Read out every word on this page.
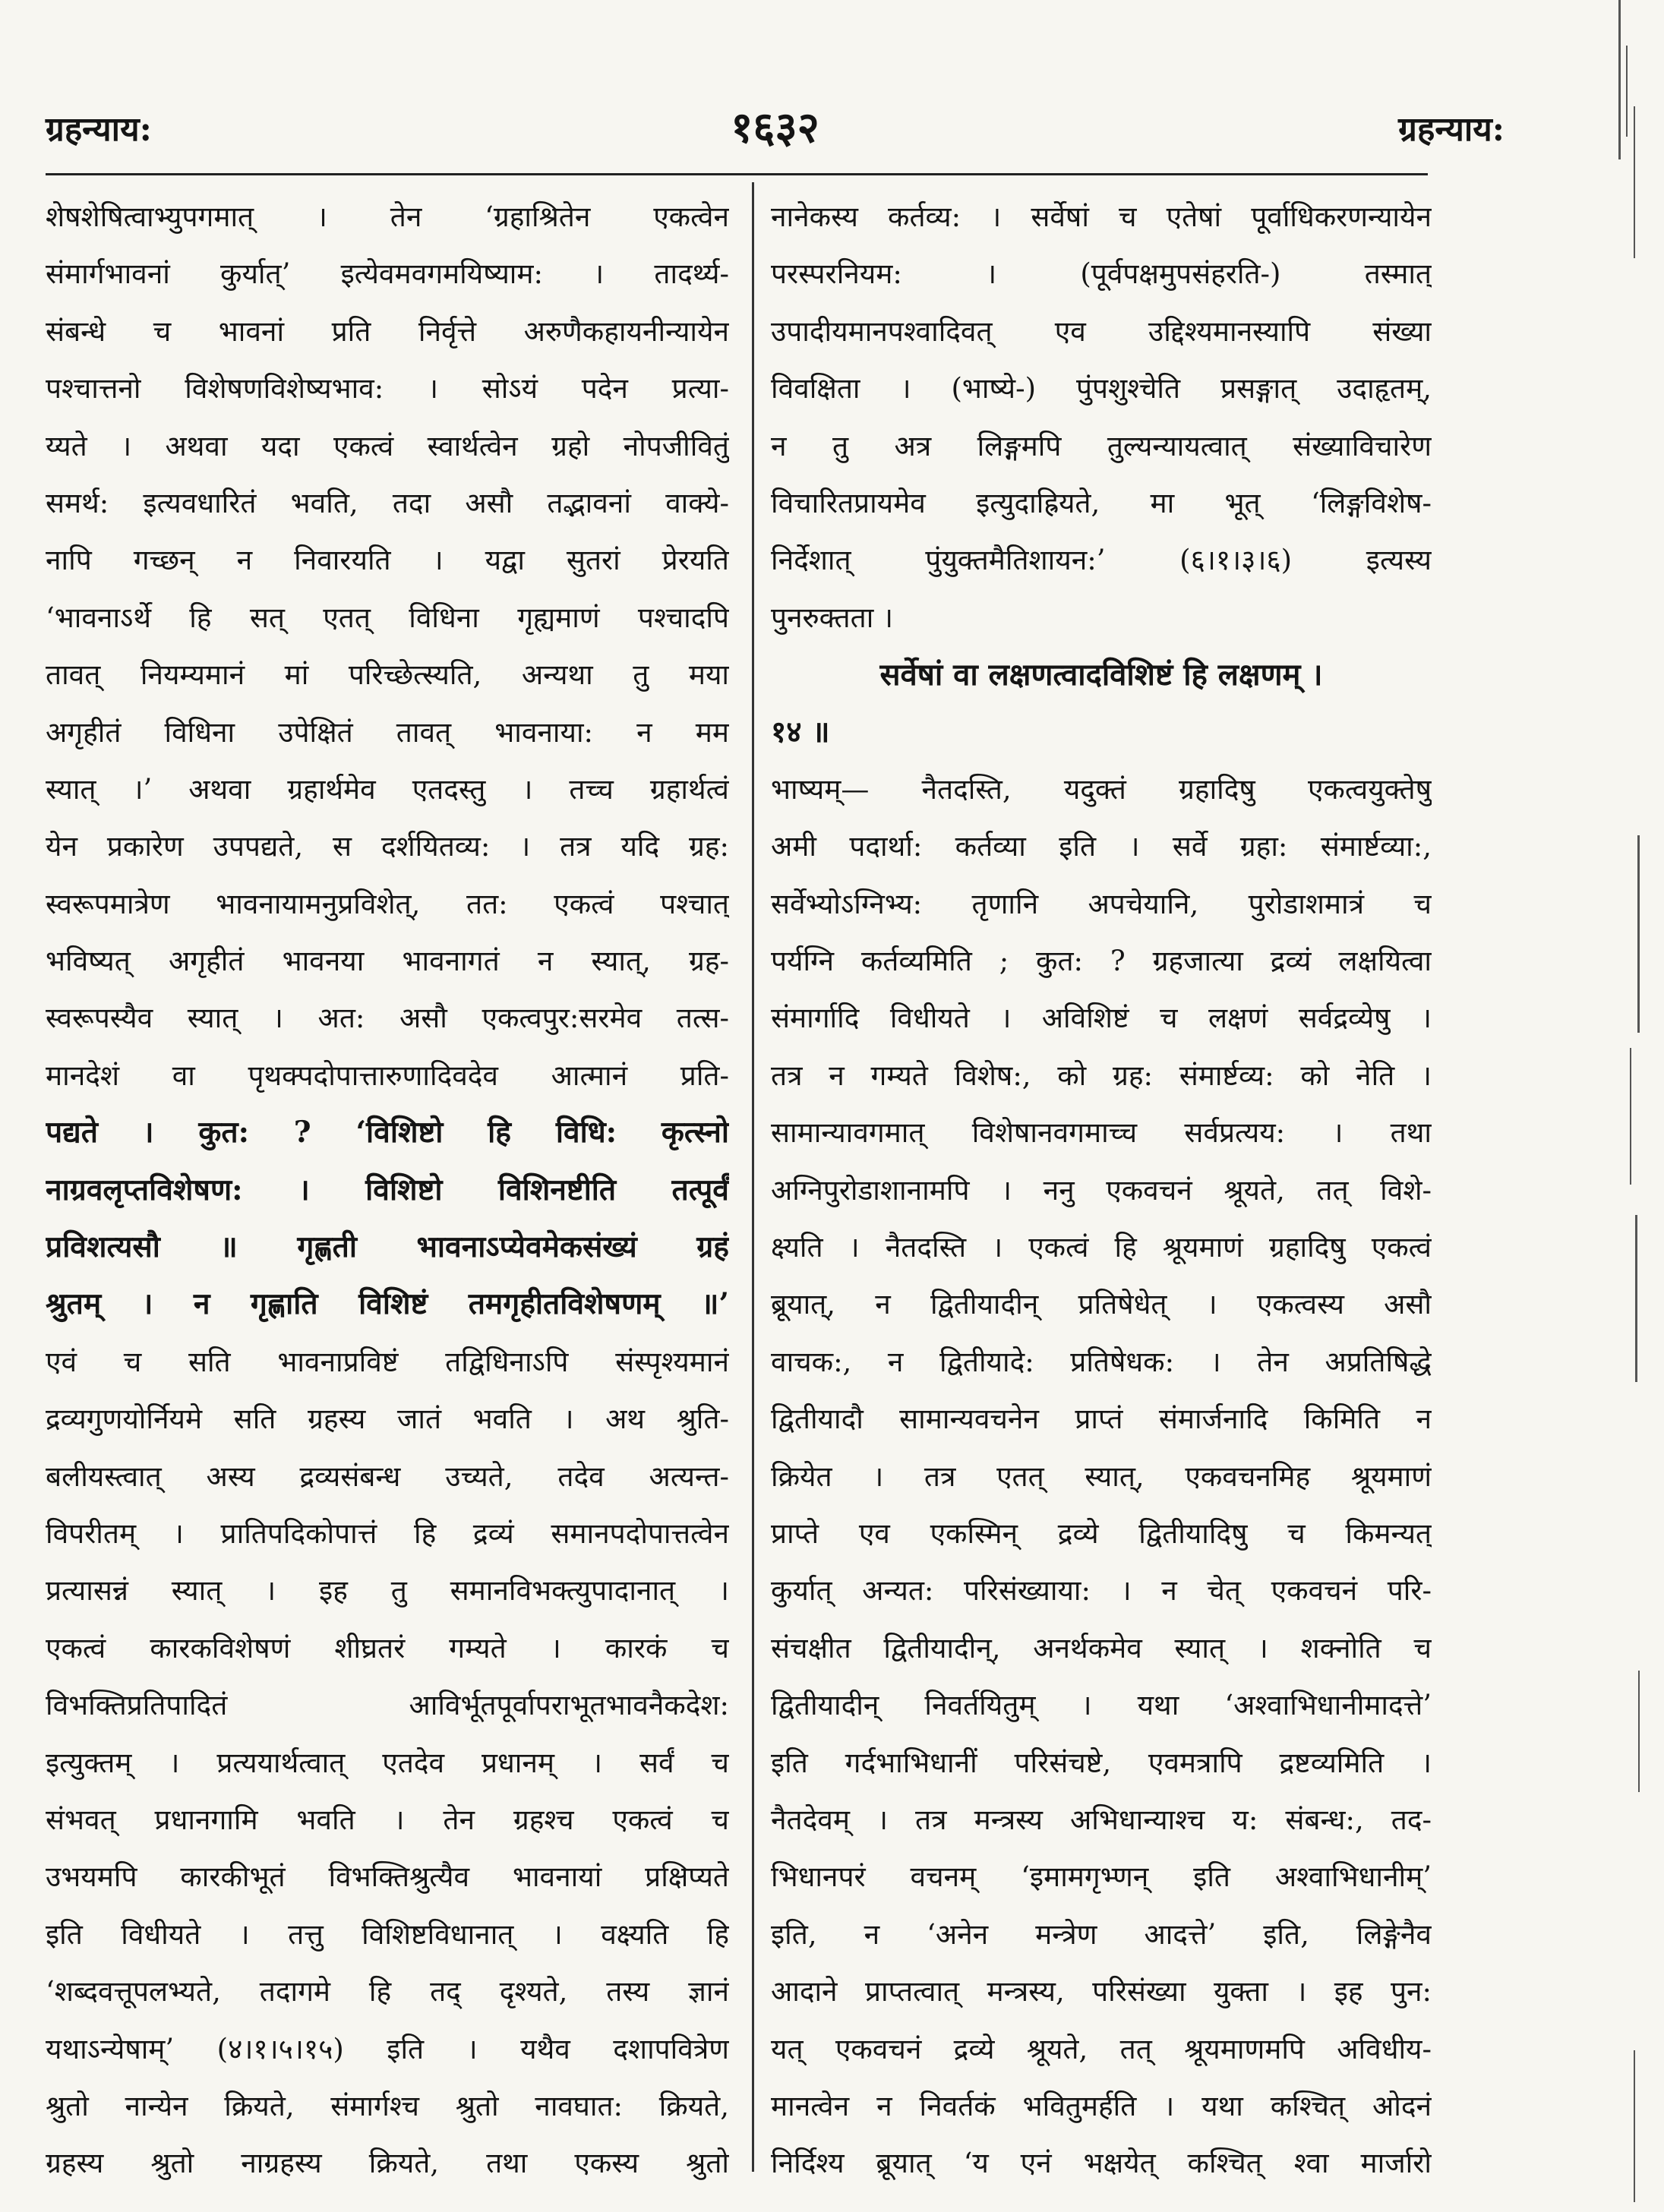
ग्रहन्याय:	१६३२	ग्रहन्याय:
शेषशेषित्वाभ्युपगमात् । तेन ‘ग्रहाश्रितेन एकत्वेन
संमार्गभावनां कुर्यात्’ इत्येवमवगमयिष्याम: । तादर्थ्य-
संबन्धे च भावनां प्रति निर्वृत्ते अरुणैकहायनीन्यायेन
पश्चात्तनो विशेषणविशेष्यभाव: । सोऽयं पदेन प्रत्या-
य्यते । अथवा यदा एकत्वं स्वार्थत्वेन ग्रहो नोपजीवितुं
समर्थ: इत्यवधारितं भवति, तदा असौ तद्भावनां वाक्ये-
नापि गच्छन् न निवारयति । यद्वा सुतरां प्रेरयति
‘भावनाऽर्थे हि सत् एतत् विधिना गृह्यमाणं पश्चादपि
तावत् नियम्यमानं मां परिच्छेत्स्यति, अन्यथा तु मया
अगृहीतं विधिना उपेक्षितं तावत् भावनाया: न मम
स्यात् ।’ अथवा ग्रहार्थमेव एतदस्तु । तच्च ग्रहार्थत्वं
येन प्रकारेण उपपद्यते, स दर्शयितव्य: । तत्र यदि ग्रह:
स्वरूपमात्रेण भावनायामनुप्रविशेत्, तत: एकत्वं पश्चात्
भविष्यत् अगृहीतं भावनया भावनागतं न स्यात्, ग्रह-
स्वरूपस्यैव स्यात् । अत: असौ एकत्वपुर:सरमेव तत्स-
मानदेशं वा पृथक्पदोपात्तारुणादिवदेव आत्मानं प्रति-
पद्यते । कुत: ? ‘विशिष्टो हि विधि: कृत्स्नो
नाग्रवलृप्तविशेषण: । विशिष्टो विशिनष्टीति तत्पूर्वं
प्रविशत्यसौ ॥ गृह्णती भावनाऽप्येवमेकसंख्यं ग्रहं
श्रुतम् । न गृह्णाति विशिष्टं तमगृहीतविशेषणम् ॥’
एवं च सति भावनाप्रविष्टं तद्विधिनाऽपि संस्पृश्यमानं
द्रव्यगुणयोर्नियमे सति ग्रहस्य जातं भवति । अथ श्रुति-
बलीयस्त्वात् अस्य द्रव्यसंबन्ध उच्यते, तदेव अत्यन्त-
विपरीतम् । प्रातिपदिकोपात्तं हि द्रव्यं समानपदोपात्तत्वेन
प्रत्यासन्नं स्यात् । इह तु समानविभक्त्युपादानात् ।
एकत्वं कारकविशेषणं शीघ्रतरं गम्यते । कारकं च
विभक्तिप्रतिपादितं आविर्भूतपूर्वापराभूतभावनैकदेश:
इत्युक्तम् । प्रत्ययार्थत्वात् एतदेव प्रधानम् । सर्वं च
संभवत् प्रधानगामि भवति । तेन ग्रहश्च एकत्वं च
उभयमपि कारकीभूतं विभक्तिश्रुत्यैव भावनायां प्रक्षिप्यते
इति विधीयते । तत्तु विशिष्टविधानात् । वक्ष्यति हि
‘शब्दवत्तूपलभ्यते, तदागमे हि तद् दृश्यते, तस्य ज्ञानं
यथाऽन्येषाम्’ (४।१।५।१५) इति । यथैव दशापवित्रेण
श्रुतो नान्येन क्रियते, संमार्गश्च श्रुतो नावघात: क्रियते,
ग्रहस्य श्रुतो नाग्रहस्य क्रियते, तथा एकस्य श्रुतो
नानेकस्य कर्तव्य: । सर्वेषां च एतेषां पूर्वाधिकरणन्यायेन
परस्परनियम: । (पूर्वपक्षमुपसंहरति-) तस्मात्
उपादीयमानपश्वादिवत् एव उद्दिश्यमानस्यापि संख्या
विवक्षिता । (भाष्ये-) पुंपशुश्चेति प्रसङ्गात् उदाहृतम्,
न तु अत्र लिङ्गमपि तुल्यन्यायत्वात् संख्याविचारेण
विचारितप्रायमेव इत्युदाह्रियते, मा भूत् ‘लिङ्गविशेष-
निर्देशात् पुंयुक्तमैतिशायन:’ (६।१।३।६) इत्यस्य
पुनरुक्तता ।
सर्वेषां वा लक्षणत्वादविशिष्टं हि लक्षणम् ।
१४ ॥
भाष्यम्— नैतदस्ति, यदुक्तं ग्रहादिषु एकत्वयुक्तेषु
अमी पदार्था: कर्तव्या इति । सर्वे ग्रहा: संमार्ष्टव्या:,
सर्वेभ्योऽग्निभ्य: तृणानि अपचेयानि, पुरोडाशमात्रं च
पर्यग्नि कर्तव्यमिति ; कुत: ? ग्रहजात्या द्रव्यं लक्षयित्वा
संमार्गादि विधीयते । अविशिष्टं च लक्षणं सर्वद्रव्येषु ।
तत्र न गम्यते विशेष:, को ग्रह: संमार्ष्टव्य: को नेति ।
सामान्यावगमात् विशेषानवगमाच्च सर्वप्रत्यय: । तथा
अग्निपुरोडाशानामपि । ननु एकवचनं श्रूयते, तत् विशे-
क्ष्यति । नैतदस्ति । एकत्वं हि श्रूयमाणं ग्रहादिषु एकत्वं
ब्रूयात्, न द्वितीयादीन् प्रतिषेधेत् । एकत्वस्य असौ
वाचक:, न द्वितीयादे: प्रतिषेधक: । तेन अप्रतिषिद्धे
द्वितीयादौ सामान्यवचनेन प्राप्तं संमार्जनादि किमिति न
क्रियेत । तत्र एतत् स्यात्, एकवचनमिह श्रूयमाणं
प्राप्ते एव एकस्मिन् द्रव्ये द्वितीयादिषु च किमन्यत्
कुर्यात् अन्यत: परिसंख्याया: । न चेत् एकवचनं परि-
संचक्षीत द्वितीयादीन्, अनर्थकमेव स्यात् । शक्नोति च
द्वितीयादीन् निवर्तयितुम् । यथा ‘अश्वाभिधानीमादत्ते’
इति गर्दभाभिधानीं परिसंचष्टे, एवमत्रापि द्रष्टव्यमिति ।
नैतदेवम् । तत्र मन्त्रस्य अभिधान्याश्च य: संबन्ध:, तद-
भिधानपरं वचनम् ‘इमामगृभ्णन् इति अश्वाभिधानीम्’
इति, न ‘अनेन मन्त्रेण आदत्ते’ इति, लिङ्गेनैव
आदाने प्राप्तत्वात् मन्त्रस्य, परिसंख्या युक्ता । इह पुन:
यत् एकवचनं द्रव्ये श्रूयते, तत् श्रूयमाणमपि अविधीय-
मानत्वेन न निवर्तकं भवितुमर्हति । यथा कश्चित् ओदनं
निर्दिश्य ब्रूयात् ‘य एनं भक्षयेत् कश्चित् श्वा मार्जारो
